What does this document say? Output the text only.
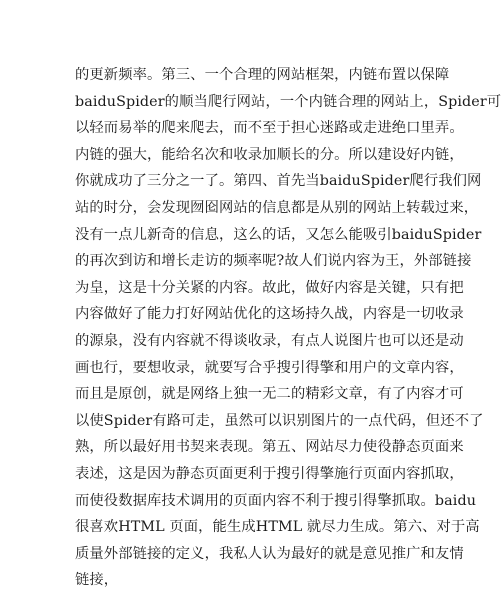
的更新频率。第三、一个合理的网站框架，内链布置以保障
baiduSpider的顺当爬行网站，一个内链合理的网站上，Spider可
以轻而易举的爬来爬去，而不至于担心迷路或走进绝口里弄。
内链的强大，能给名次和收录加顺长的分。所以建设好内链，
你就成功了三分之一了。第四、首先当baiduSpider爬行我们网
站的时分，会发现囫囵网站的信息都是从别的网站上转载过来，
没有一点儿新奇的信息，这么的话，又怎么能吸引baiduSpider
的再次到访和增长走访的频率呢?故人们说内容为王，外部链接
为皇，这是十分关紧的内容。故此，做好内容是关键，只有把
内容做好了能力打好网站优化的这场持久战，内容是一切收录
的源泉，没有内容就不得谈收录，有点人说图片也可以还是动
画也行，要想收录，就要写合乎搜引得擎和用户的文章内容，
而且是原创，就是网络上独一无二的精彩文章，有了内容才可
以使Spider有路可走，虽然可以识别图片的一点代码，但还不了
熟，所以最好用书契来表现。第五、网站尽力使役静态页面来
表述，这是因为静态页面更利于搜引得擎施行页面内容抓取，
而使役数据库技术调用的页面内容不利于搜引得擎抓取。baidu
很喜欢HTML 页面，能生成HTML 就尽力生成。第六、对于高
质量外部链接的定义，我私人认为最好的就是意见推广和友情
链接，
